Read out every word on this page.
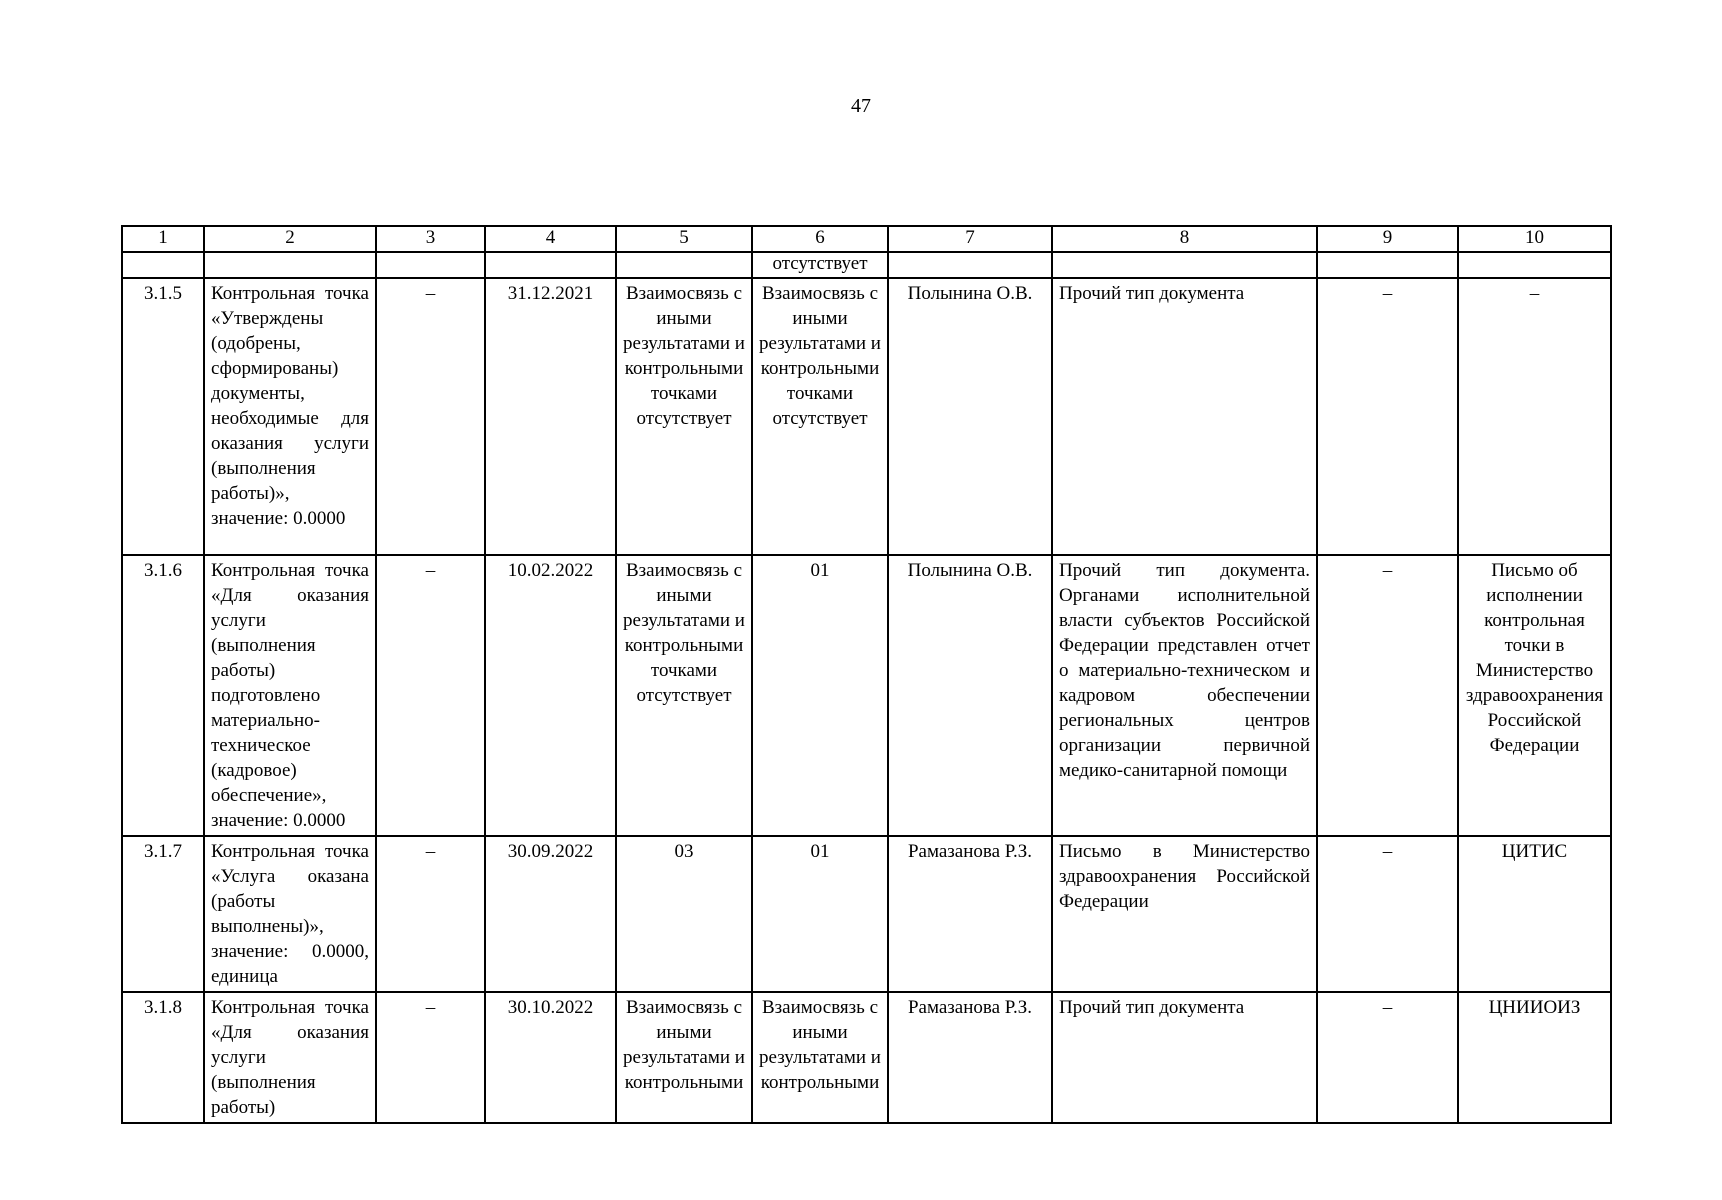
47
1	2	3	4	5	6	7	8	9	10
					отсутствует				
3.1.5	Контрольная точка «Утверждены (одобрены, сформированы) документы, необходимые для оказания услуги (выполнения работы)», значение: 0.0000	–	31.12.2021	Взаимосвязь с иными результатами и контрольными точками отсутствует	Взаимосвязь с иными результатами и контрольными точками отсутствует	Полынина О.В.	Прочий тип документа	–	–
3.1.6	Контрольная точка «Для оказания услуги (выполнения работы) подготовлено материально-техническое (кадровое) обеспечение», значение: 0.0000	–	10.02.2022	Взаимосвязь с иными результатами и контрольными точками отсутствует	01	Полынина О.В.	Прочий тип документа. Органами исполнительной власти субъектов Российской Федерации представлен отчет о материально-техническом и кадровом обеспечении региональных центров организации первичной медико-санитарной помощи	–	Письмо об исполнении контрольная точки в Министерство здравоохранения Российской Федерации
3.1.7	Контрольная точка «Услуга оказана (работы выполнены)», значение: 0.0000, единица	–	30.09.2022	03	01	Рамазанова Р.З.	Письмо в Министерство здравоохранения Российской Федерации	–	ЦИТИС
3.1.8	Контрольная точка «Для оказания услуги (выполнения работы)	–	30.10.2022	Взаимосвязь с иными результатами и контрольными	Взаимосвязь с иными результатами и контрольными	Рамазанова Р.З.	Прочий тип документа	–	ЦНИИОИЗ
